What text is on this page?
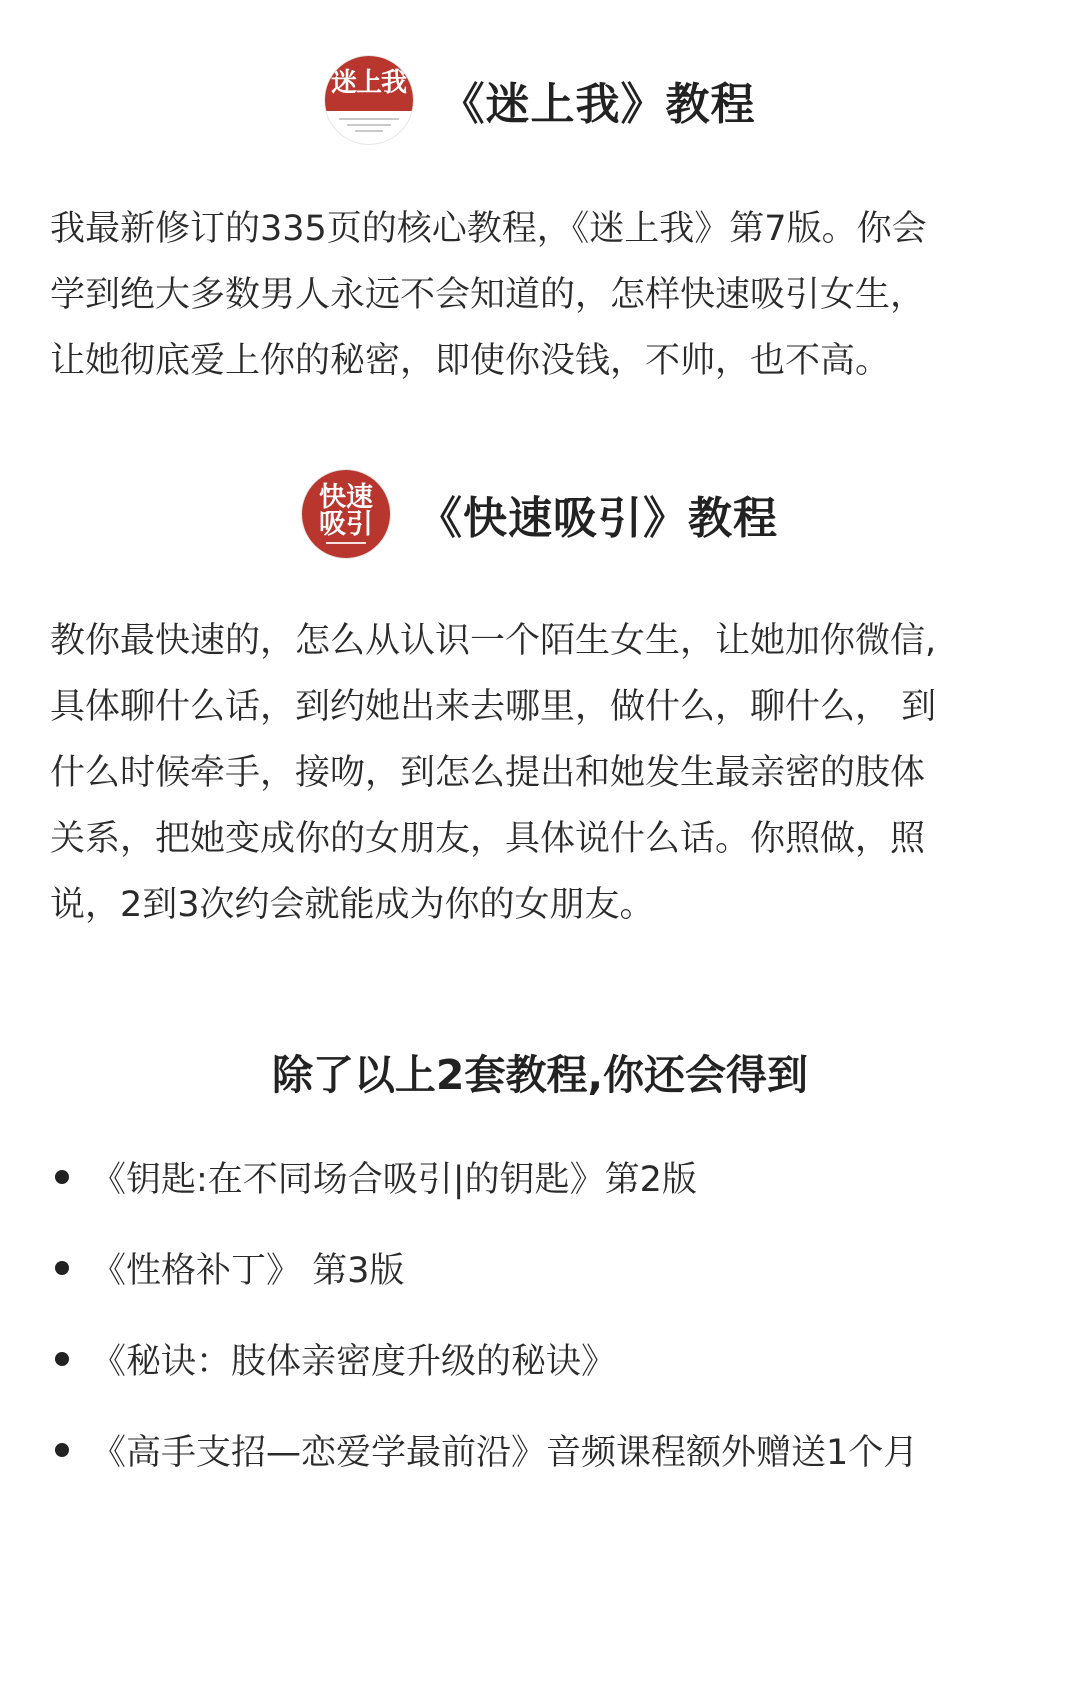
迷上我 《迷上我》教程
我最新修订的335页的核心教程，《迷上我》第7版。你会
学到绝大多数男人永远不会知道的，怎样快速吸引女生，
让她彻底爱上你的秘密，即使你没钱，不帅，也不高。
快速吸引 《快速吸引》教程
教你最快速的，怎么从认识一个陌生女生，让她加你微信,
具体聊什么话，到约她出来去哪里，做什么，聊什么， 到
什么时候牵手，接吻，到怎么提出和她发生最亲密的肢体
关系，把她变成你的女朋友，具体说什么话。你照做，照
说，2到3次约会就能成为你的女朋友。
除了以上2套教程,你还会得到
《钥匙:在不同场合吸引|的钥匙》第2版
《性格补丁》 第3版
《秘诀：肢体亲密度升级的秘诀》
《高手支招—恋爱学最前沿》音频课程额外赠送1个月
